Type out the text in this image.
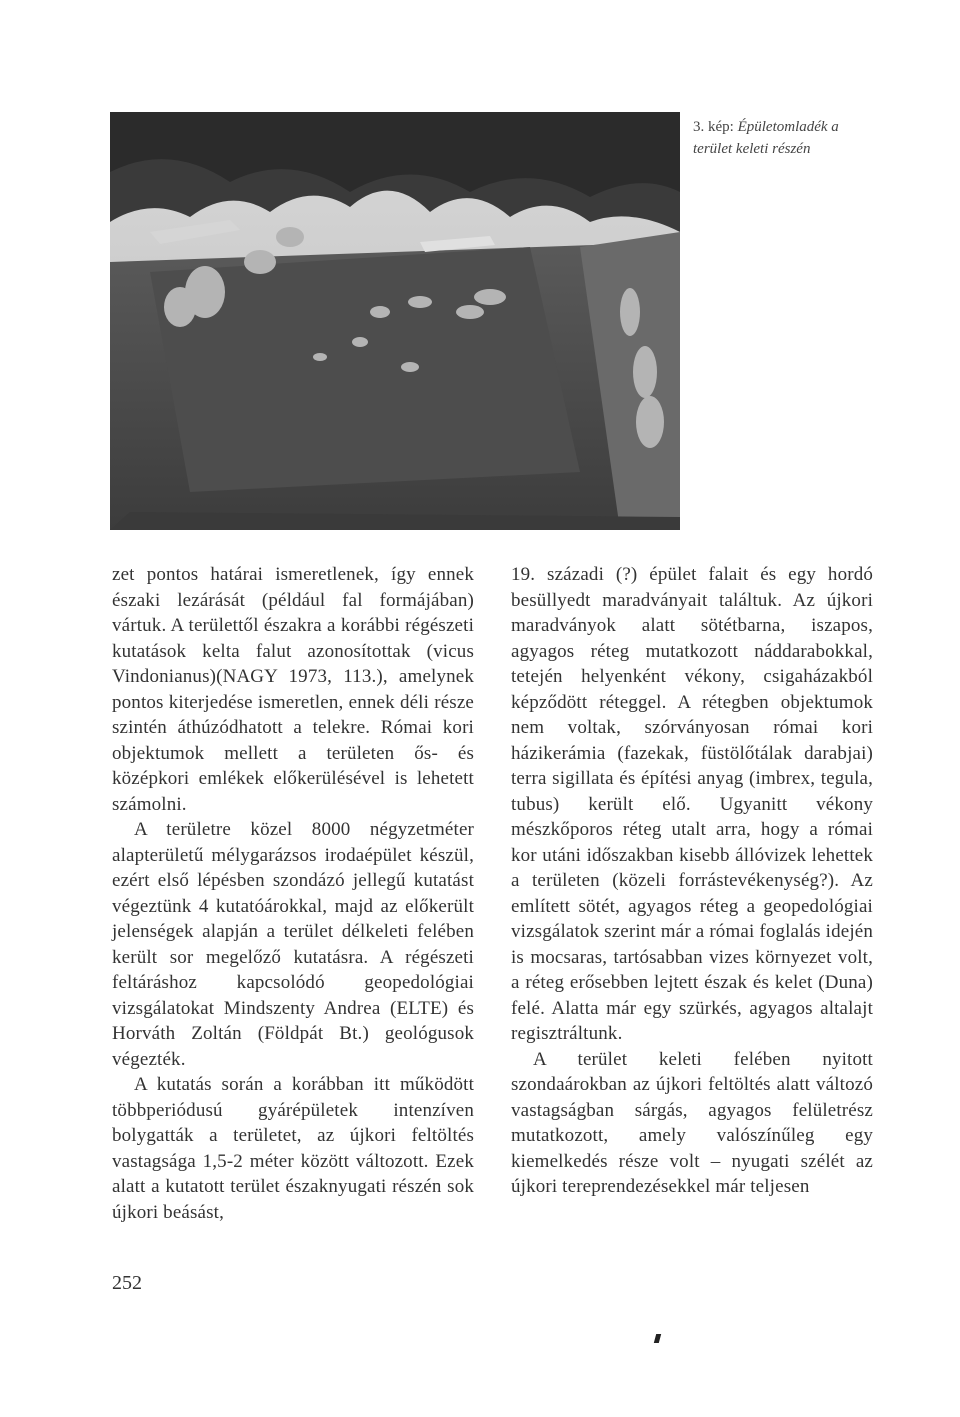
3. kép: Épületomladék a terület keleti részén

zet pontos határai ismeretlenek, így ennek északi lezárását (például fal formájában) vártuk. A területtől északra a korábbi régészeti kutatások kelta falut azonosítottak (vicus Vindonianus)(NAGY 1973, 113.), amelynek pontos kiterjedése ismeretlen, ennek déli része szintén áthúzódhatott a telekre. Római kori objektumok mellett a területen ős- és középkori emlékek előkerülésével is lehetett számolni.

A területre közel 8000 négyzetméter alapterületű mélygarázsos irodaépület készül, ezért első lépésben szondázó jellegű kutatást végeztünk 4 kutatóárokkal, majd az előkerült jelenségek alapján a terület délkeleti felében került sor megelőző kutatásra. A régészeti feltáráshoz kapcsolódó geopedológiai vizsgálatokat Mindszenty Andrea (ELTE) és Horváth Zoltán (Földpát Bt.) geológusok végezték.

A kutatás során a korábban itt működött többperiódusú gyárépületek intenzíven bolygatták a területet, az újkori feltöltés vastagsága 1,5-2 méter között változott. Ezek alatt a kutatott terület északnyugati részén sok újkori beásást,

19. századi (?) épület falait és egy hordó besüllyedt maradványait találtuk. Az újkori maradványok alatt sötétbarna, iszapos, agyagos réteg mutatkozott náddarabokkal, tetején helyenként vékony, csigaházakból képződött réteggel. A rétegben objektumok nem voltak, szórványosan római kori házikerámia (fazekak, füstölőtálak darabjai) terra sigillata és építési anyag (imbrex, tegula, tubus) került elő. Ugyanitt vékony mészkőporos réteg utalt arra, hogy a római kor utáni időszakban kisebb állóvizek lehettek a területen (közeli forrástevékenység?). Az említett sötét, agyagos réteg a geopedológiai vizsgálatok szerint már a római foglalás idején is mocsaras, tartósabban vizes környezet volt, a réteg erősebben lejtett észak és kelet (Duna) felé. Alatta már egy szürkés, agyagos altalajt regisztráltunk.

A terület keleti felében nyitott szondaárokban az újkori feltöltés alatt változó vastagságban sárgás, agyagos felületrész mutatkozott, amely valószínűleg egy kiemelkedés része volt – nyugati szélét az újkori tereprendezésekkel már teljesen

252
